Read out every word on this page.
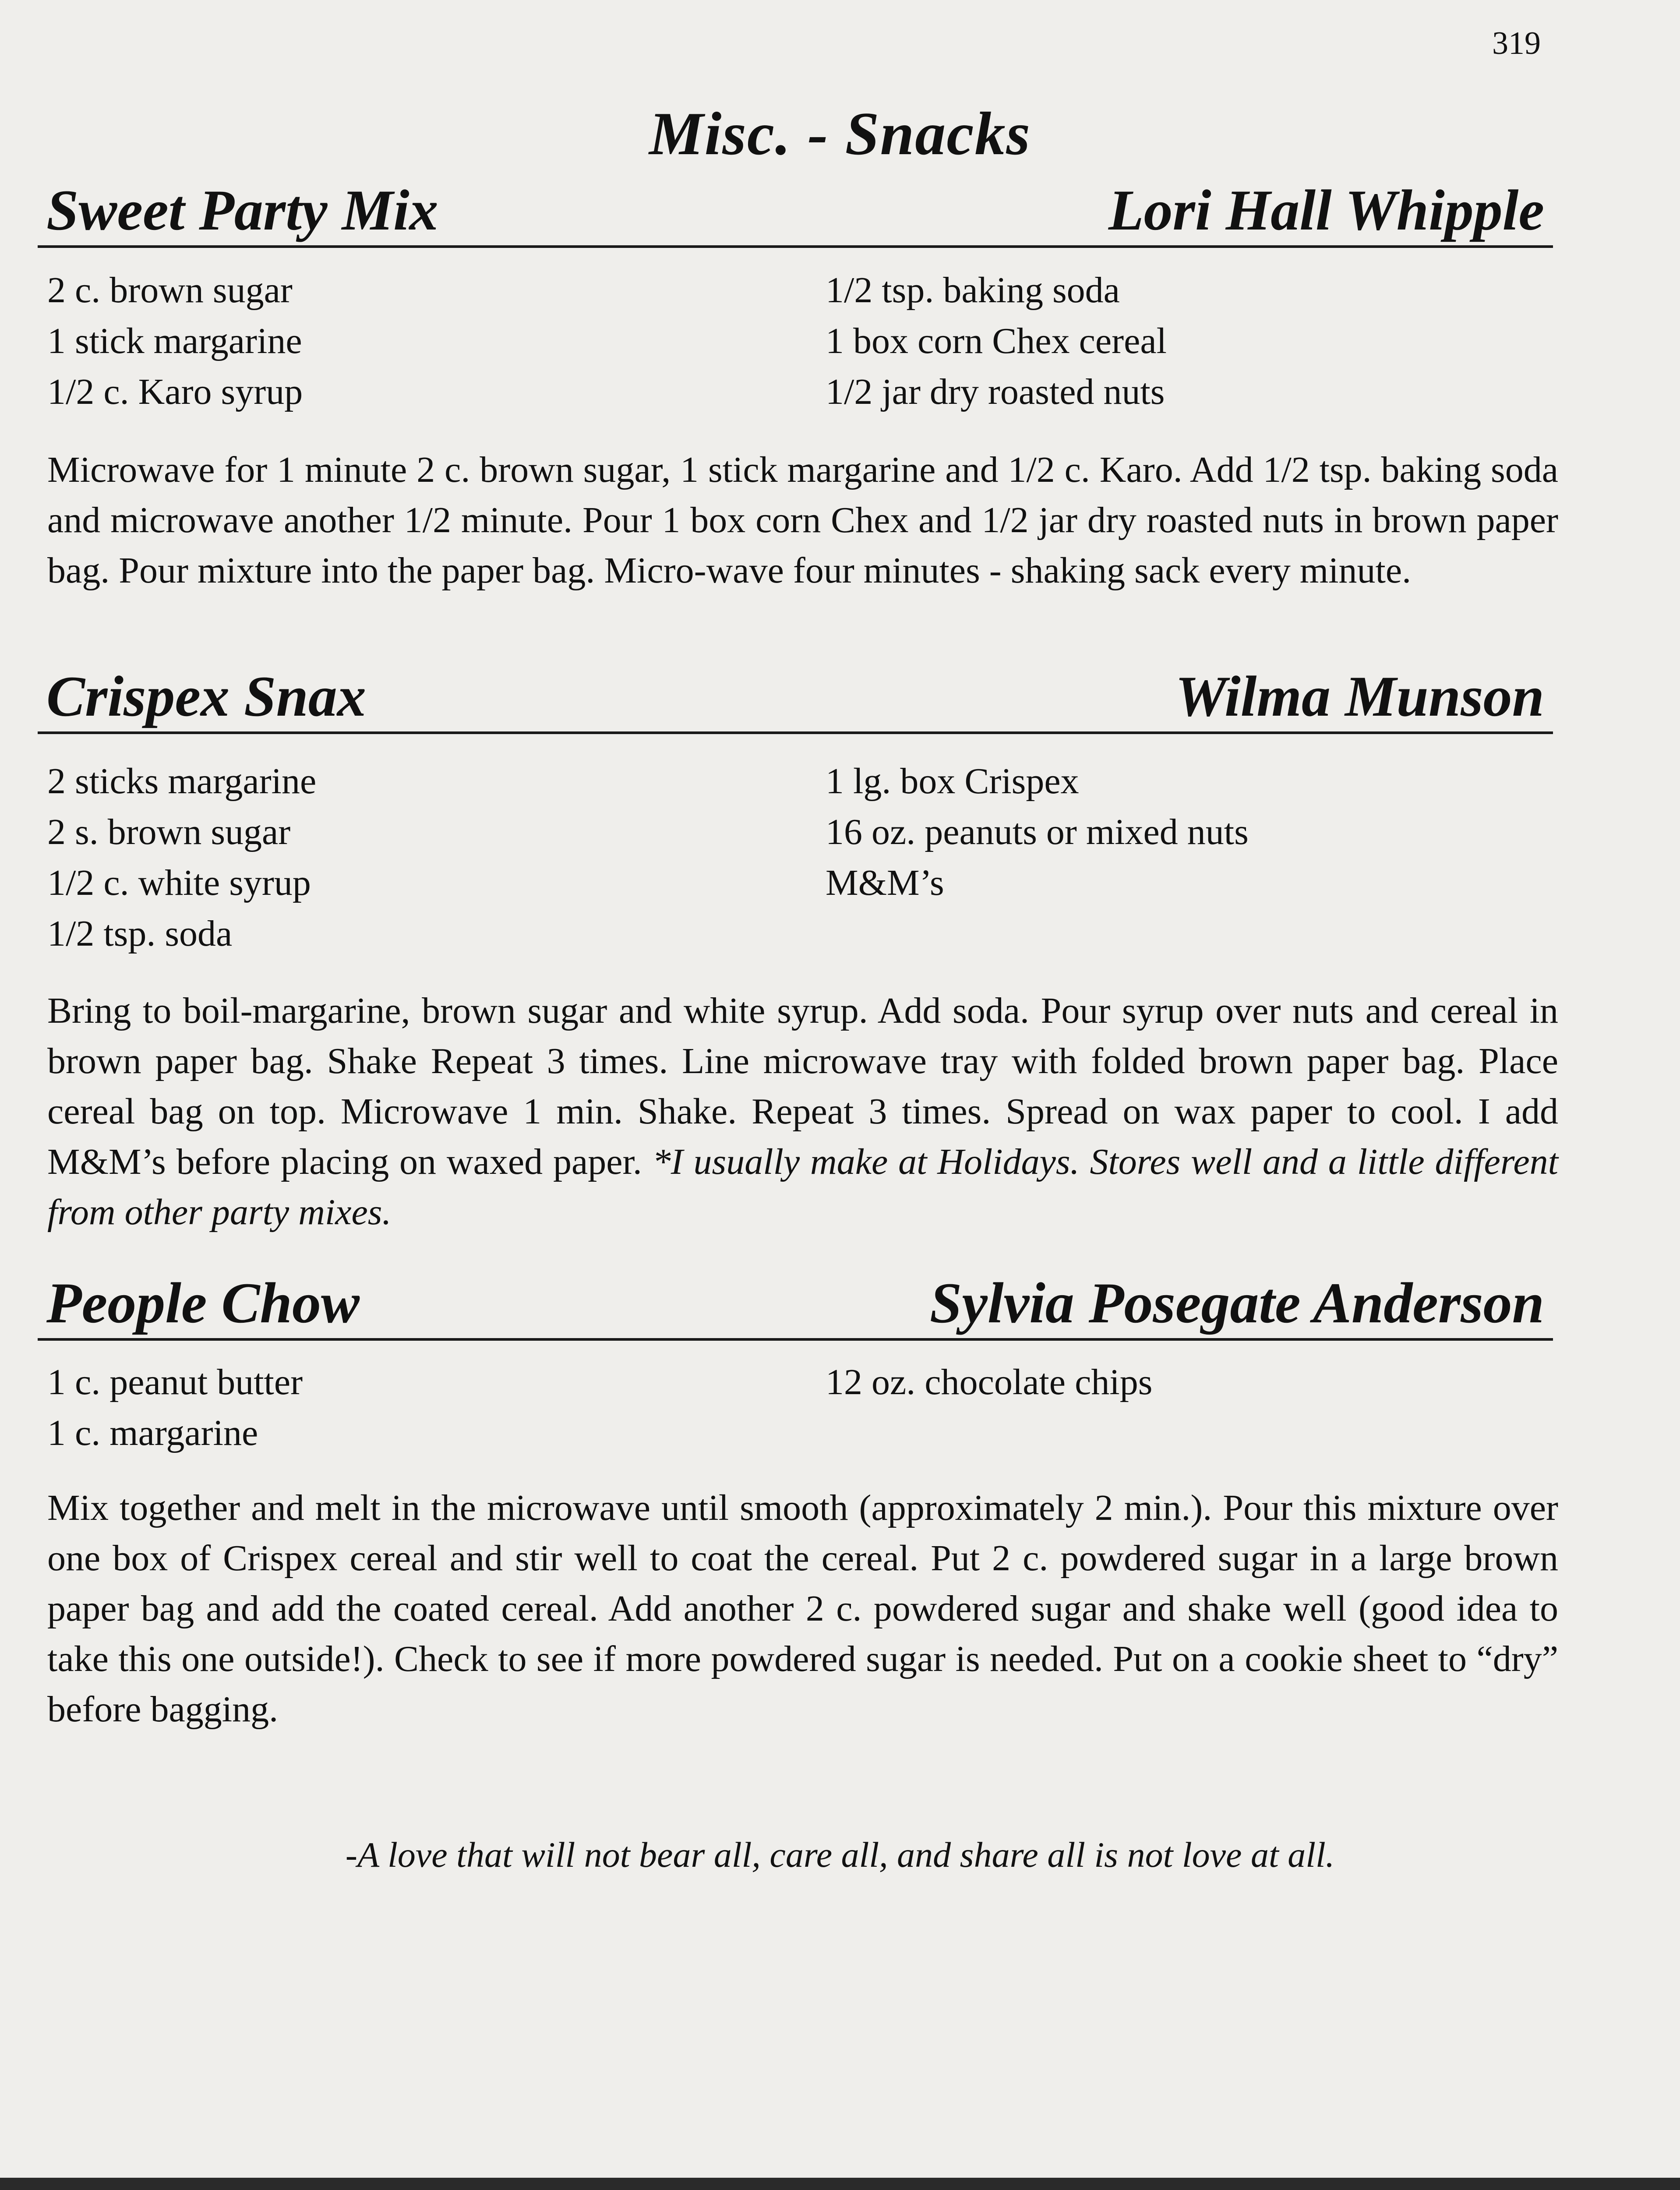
319
Misc. - Snacks
Sweet Party Mix	Lori Hall Whipple
2 c. brown sugar
1 stick margarine
1/2 c. Karo syrup
1/2 tsp. baking soda
1 box corn Chex cereal
1/2 jar dry roasted nuts
Microwave for 1 minute 2 c. brown sugar, 1 stick margarine and 1/2 c. Karo. Add 1/2 tsp. baking soda and microwave another 1/2 minute. Pour 1 box corn Chex and 1/2 jar dry roasted nuts in brown paper bag. Pour mixture into the paper bag. Micro-wave four minutes - shaking sack every minute.
Crispex Snax	Wilma Munson
2 sticks margarine
2 s. brown sugar
1/2 c. white syrup
1/2 tsp. soda
1 lg. box Crispex
16 oz. peanuts or mixed nuts
M&M’s
Bring to boil-margarine, brown sugar and white syrup. Add soda. Pour syrup over nuts and cereal in brown paper bag. Shake Repeat 3 times. Line microwave tray with folded brown paper bag. Place cereal bag on top. Microwave 1 min. Shake. Repeat 3 times. Spread on wax paper to cool. I add M&M’s before placing on waxed paper. *I usually make at Holidays. Stores well and a little different from other party mixes.
People Chow	Sylvia Posegate Anderson
1 c. peanut butter
1 c. margarine
12 oz. chocolate chips
Mix together and melt in the microwave until smooth (approximately 2 min.). Pour this mixture over one box of Crispex cereal and stir well to coat the cereal. Put 2 c. powdered sugar in a large brown paper bag and add the coated cereal. Add another 2 c. powdered sugar and shake well (good idea to take this one outside!). Check to see if more powdered sugar is needed. Put on a cookie sheet to “dry” before bagging.
-A love that will not bear all, care all, and share all is not love at all.
